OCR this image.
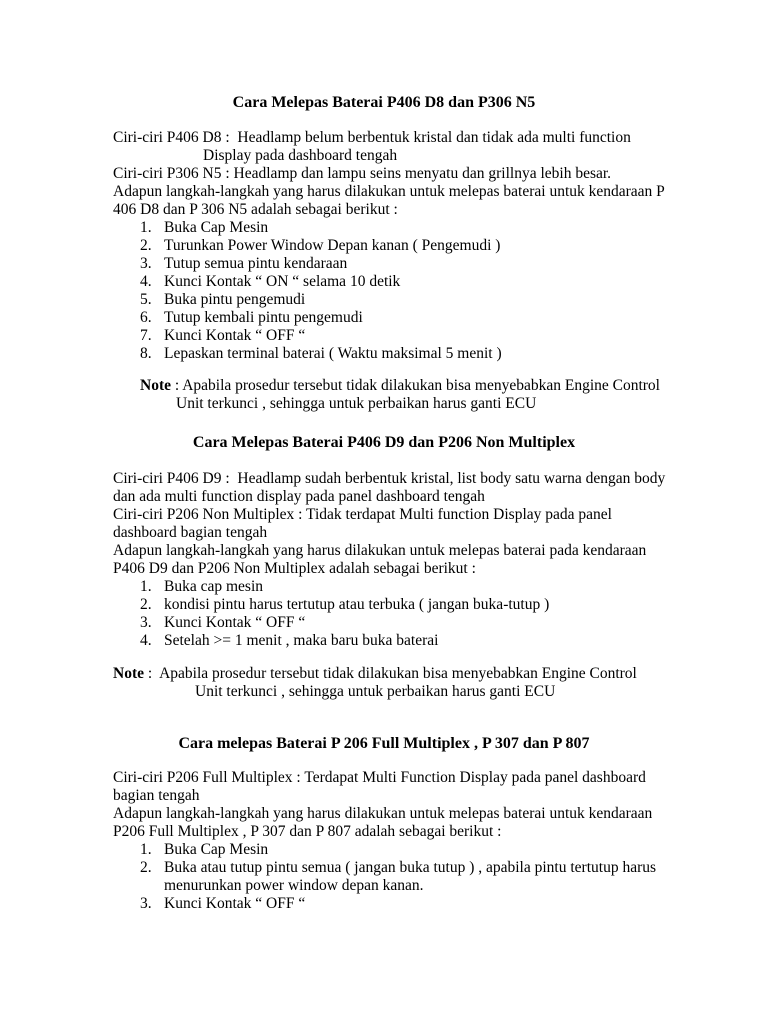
Cara Melepas Baterai P406 D8 dan P306 N5
Ciri-ciri P406 D8 :  Headlamp belum berbentuk kristal dan tidak ada multi function
Display pada dashboard tengah
Ciri-ciri P306 N5 : Headlamp dan lampu seins menyatu dan grillnya lebih besar.
Adapun langkah-langkah yang harus dilakukan untuk melepas baterai untuk kendaraan P
406 D8 dan P 306 N5 adalah sebagai berikut :
1. Buka Cap Mesin
2. Turunkan Power Window Depan kanan ( Pengemudi )
3. Tutup semua pintu kendaraan
4. Kunci Kontak “ ON “ selama 10 detik
5. Buka pintu pengemudi
6. Tutup kembali pintu pengemudi
7. Kunci Kontak “ OFF “
8. Lepaskan terminal baterai ( Waktu maksimal 5 menit )
Note : Apabila prosedur tersebut tidak dilakukan bisa menyebabkan Engine Control
Unit terkunci , sehingga untuk perbaikan harus ganti ECU
Cara Melepas Baterai P406 D9 dan P206 Non Multiplex
Ciri-ciri P406 D9 :  Headlamp sudah berbentuk kristal, list body satu warna dengan body
dan ada multi function display pada panel dashboard tengah
Ciri-ciri P206 Non Multiplex : Tidak terdapat Multi function Display pada panel
dashboard bagian tengah
Adapun langkah-langkah yang harus dilakukan untuk melepas baterai pada kendaraan
P406 D9 dan P206 Non Multiplex adalah sebagai berikut :
1. Buka cap mesin
2. kondisi pintu harus tertutup atau terbuka ( jangan buka-tutup )
3. Kunci Kontak “ OFF “
4. Setelah >= 1 menit , maka baru buka baterai
Note :  Apabila prosedur tersebut tidak dilakukan bisa menyebabkan Engine Control
Unit terkunci , sehingga untuk perbaikan harus ganti ECU
Cara melepas Baterai P 206 Full Multiplex , P 307 dan P 807
Ciri-ciri P206 Full Multiplex : Terdapat Multi Function Display pada panel dashboard
bagian tengah
Adapun langkah-langkah yang harus dilakukan untuk melepas baterai untuk kendaraan
P206 Full Multiplex , P 307 dan P 807 adalah sebagai berikut :
1. Buka Cap Mesin
2. Buka atau tutup pintu semua ( jangan buka tutup ) , apabila pintu tertutup harus
menurunkan power window depan kanan.
3. Kunci Kontak “ OFF “
